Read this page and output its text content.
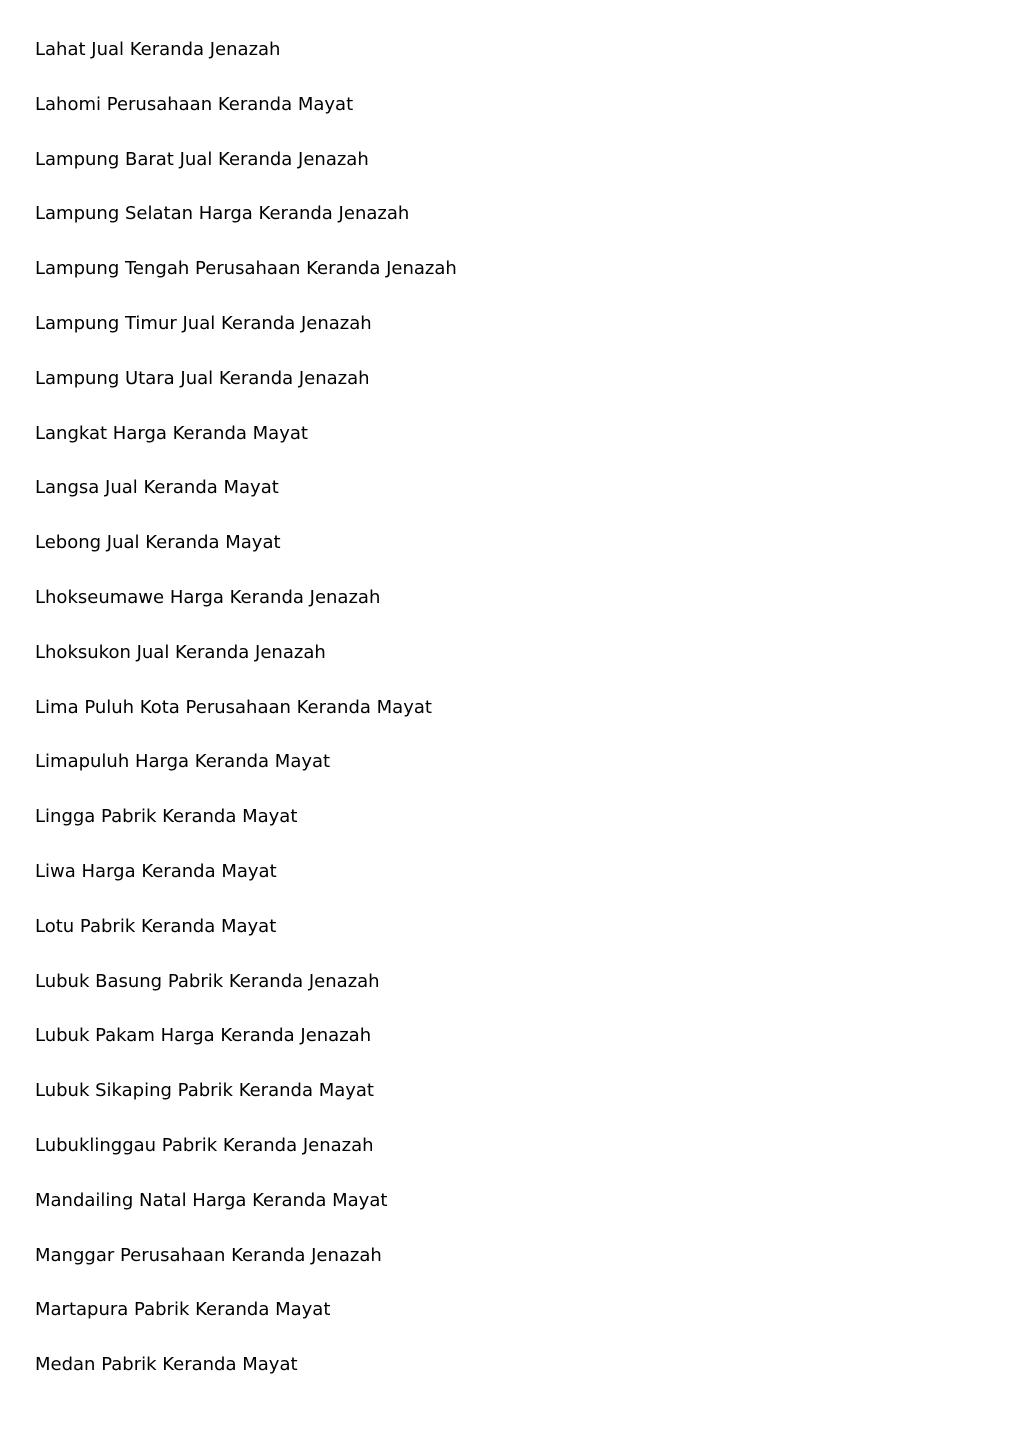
Lahat Jual Keranda Jenazah
Lahomi Perusahaan Keranda Mayat
Lampung Barat Jual Keranda Jenazah
Lampung Selatan Harga Keranda Jenazah
Lampung Tengah Perusahaan Keranda Jenazah
Lampung Timur Jual Keranda Jenazah
Lampung Utara Jual Keranda Jenazah
Langkat Harga Keranda Mayat
Langsa Jual Keranda Mayat
Lebong Jual Keranda Mayat
Lhokseumawe Harga Keranda Jenazah
Lhoksukon Jual Keranda Jenazah
Lima Puluh Kota Perusahaan Keranda Mayat
Limapuluh Harga Keranda Mayat
Lingga Pabrik Keranda Mayat
Liwa Harga Keranda Mayat
Lotu Pabrik Keranda Mayat
Lubuk Basung Pabrik Keranda Jenazah
Lubuk Pakam Harga Keranda Jenazah
Lubuk Sikaping Pabrik Keranda Mayat
Lubuklinggau Pabrik Keranda Jenazah
Mandailing Natal Harga Keranda Mayat
Manggar Perusahaan Keranda Jenazah
Martapura Pabrik Keranda Mayat
Medan Pabrik Keranda Mayat
